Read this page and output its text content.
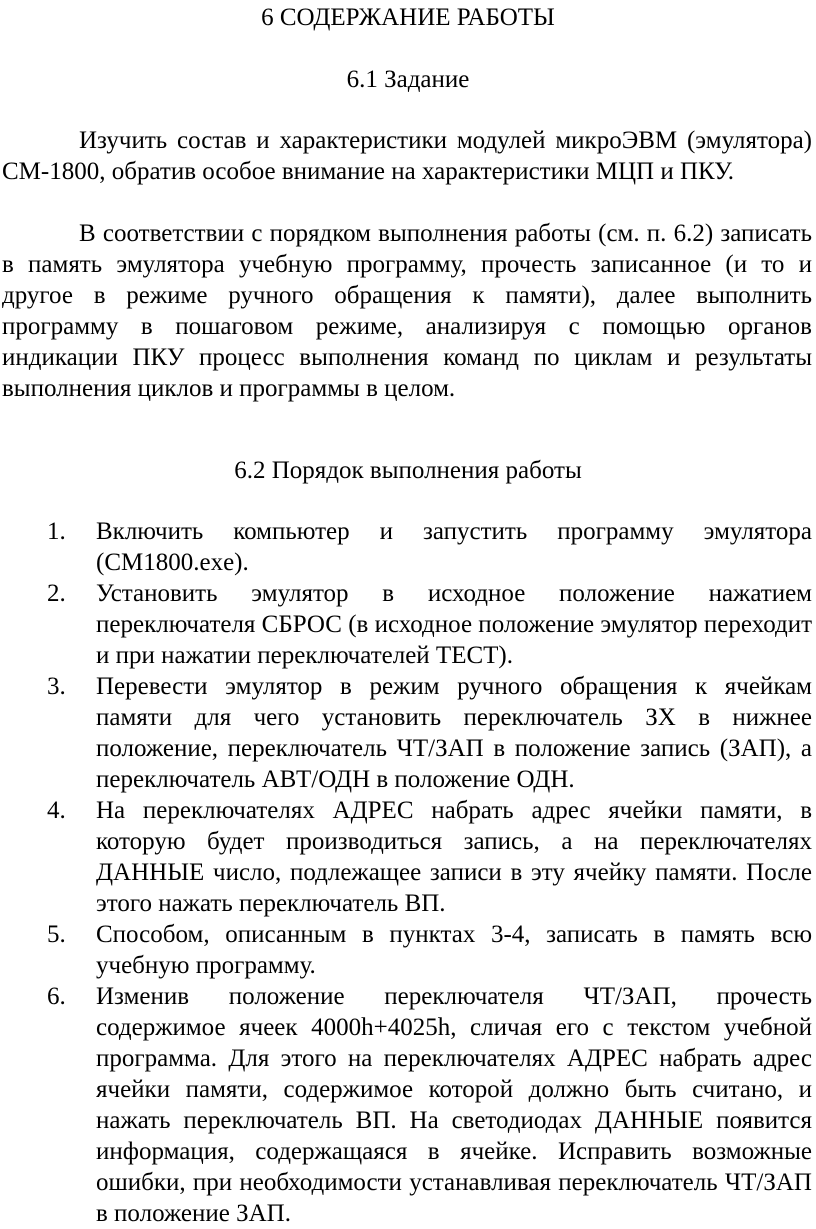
6 СОДЕРЖАНИЕ РАБОТЫ
6.1 Задание

Изучить состав и характеристики модулей микроЭВМ (эмулятора) СМ-1800, обратив особое внимание на характеристики МЦП и ПКУ.

В соответствии с порядком выполнения работы (см. п. 6.2) записать в память эмулятора учебную программу, прочесть записанное (и то и другое в режиме ручного обращения к памяти), далее выполнить программу в пошаговом режиме, анализируя с помощью органов индикации ПКУ процесс выполнения команд по циклам и результаты выполнения циклов и программы в целом.

6.2 Порядок выполнения работы
1. Включить компьютер и запустить программу эмулятора (СМ1800.exe).
2. Установить эмулятор в исходное положение нажатием переключателя СБРОС (в исходное положение эмулятор переходит и при нажатии переключателей ТЕСТ).
3. Перевести эмулятор в режим ручного обращения к ячейкам памяти для чего установить переключатель ЗХ в нижнее положение, переключатель ЧТ/ЗАП в положение запись (ЗАП), а переключатель АВТ/ОДН в положение ОДН.
4. На переключателях АДРЕС набрать адрес ячейки памяти, в которую будет производиться запись, а на переключателях ДАННЫЕ число, подлежащее записи в эту ячейку памяти. После этого нажать переключатель ВП.
5. Способом, описанным в пунктах 3-4, записать в память всю учебную программу.
6. Изменив положение переключателя ЧТ/ЗАП, прочесть содержимое ячеек 4000h+4025h, сличая его с текстом учебной программа. Для этого на переключателях АДРЕС набрать адрес ячейки памяти, содержимое которой должно быть считано, и нажать переключатель ВП. На светодиодах ДАННЫЕ появится информация, содержащаяся в ячейке. Исправить возможные ошибки, при необходимости устанавливая переключатель ЧТ/ЗАП в положение ЗАП.
